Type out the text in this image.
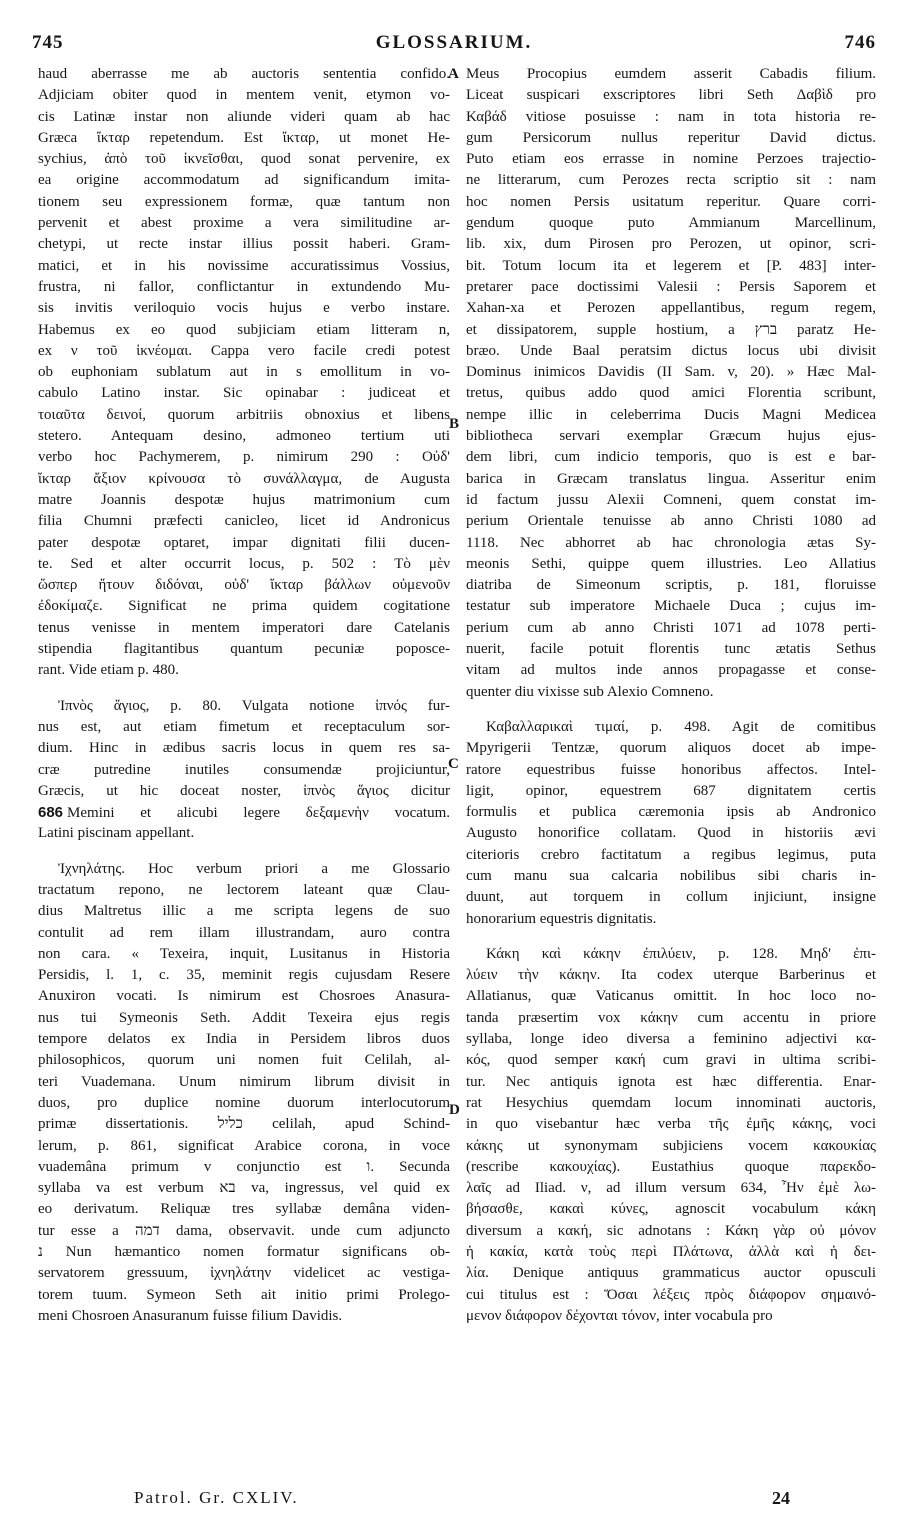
745	GLOSSARIUM.	746
haud aberrasse me ab auctoris sententia confido.
Adjiciam obiter quod in mentem venit, etymon vo-
cis Latinæ instar non aliunde videri quam ab hac
Græca ἴκταρ repetendum. Est ἴκταρ, ut monet He-
sychius, ἀπὸ τοῦ ἱκνεῖσθαι, quod sonat pervenire, ex
ea origine accommodatum ad significandum imita-
tionem seu expressionem formæ, quæ tantum non
pervenit et abest proxime a vera similitudine ar-
chetypi, ut recte instar illius possit haberi. Gram-
matici, et in his novissime accuratissimus Vossius,
frustra, ni fallor, conflictantur in extundendo Mu-
sis invitis veriloquio vocis hujus e verbo instare.
Habemus ex eo quod subjiciam etiam litteram n,
ex ν τοῦ ἱκνέομαι. Cappa vero facile credi potest
ob euphoniam sublatum aut in s emollitum in vo-
cabulo Latino instar. Sic opinabar : judiceat et
τοιαῦτα δεινοί, quorum arbitriis obnoxius et libens
stetero. Antequam desino, admoneo tertium uti
verbo hoc Pachymerem, p. nimirum 290 : Οὐδ'
ἴκταρ ἄξιον κρίνουσα τὸ συνάλλαγμα, de Augusta
matre Joannis despotæ hujus matrimonium cum
filia Chumni præfecti canicleo, licet id Andronicus
pater despotæ optaret, impar dignitati filii ducen-
te. Sed et alter occurrit locus, p. 502 : Τὸ μὲν
ὥσπερ ἤτουν διδόναι, οὐδ' ἴκταρ βάλλων οὐμενοῦν
ἐδοκίμαζε. Significat ne prima quidem cogitatione
tenus venisse in mentem imperatori dare Catelanis
stipendia flagitantibus quantum pecuniæ poposce-
rant. Vide etiam p. 480.
Ἰπνὸς ἅγιος, p. 80. Vulgata notione ἰπνός fur-
nus est, aut etiam fimetum et receptaculum sor-
dium. Hinc in ædibus sacris locus in quem res sa-
cræ putredine inutiles consumendæ projiciuntur,
Græcis, ut hic doceat noster, ἰπνὸς ἅγιος dicitur
686 Memini et alicubi legere δεξαμενὴν vocatum.
Latini piscinam appellant.
Ἰχνηλάτης. Hoc verbum priori a me Glossario
tractatum repono, ne lectorem lateant quæ Clau-
dius Maltretus illic a me scripta legens de suo
contulit ad rem illam illustrandam, auro contra
non cara. « Texeira, inquit, Lusitanus in Historia
Persidis, l. 1, c. 35, meminit regis cujusdam Resere
Anuxiron vocati. Is nimirum est Chosroes Anasura-
nus tui Symeonis Seth. Addit Texeira ejus regis
tempore delatos ex India in Persidem libros duos
philosophicos, quorum uni nomen fuit Celilah, al-
teri Vuademana. Unum nimirum librum divisit in
duos, pro duplice nomine duorum interlocutorum
primæ dissertationis. כליל celilah, apud Schind-
lerum, p. 861, significat Arabice corona, in voce
vuademâna primum v conjunctio est ו. Secunda
syllaba va est verbum בא va, ingressus, vel quid ex
eo derivatum. Reliquæ tres syllabæ demâna viden-
tur esse a דמה dama, observavit. unde cum adjuncto
נ Nun hæmantico nomen formatur significans ob-
servatorem gressuum, ἰχνηλάτην videlicet ac vestiga-
torem tuum. Symeon Seth ait initio primi Prolego-
meni Chosroen Anasuranum fuisse filium Davidis.
Meus Procopius eumdem asserit Cabadis filium.
Liceat suspicari exscriptores libri Seth Δαβὶδ pro
Καβάδ vitiose posuisse : nam in tota historia re-
gum Persicorum nullus reperitur David dictus.
Puto etiam eos errasse in nomine Perzoes trajectio-
ne litterarum, cum Perozes recta scriptio sit : nam
hoc nomen Persis usitatum reperitur. Quare corri-
gendum quoque puto Ammianum Marcellinum,
lib. xix, dum Pirosen pro Perozen, ut opinor, scri-
bit. Totum locum ita et legerem et [P. 483] inter-
pretarer pace doctissimi Valesii : Persis Saporem et
Xahan-xa et Perozen appellantibus, regum regem,
et dissipatorem, supple hostium, a ברץ paratz He-
bræo. Unde Baal peratsim dictus locus ubi divisit
Dominus inimicos Davidis (II Sam. v, 20). » Hæc Mal-
tretus, quibus addo quod amici Florentia scribunt,
nempe illic in celeberrima Ducis Magni Medicea
bibliotheca servari exemplar Græcum hujus ejus-
dem libri, cum indicio temporis, quo is est e bar-
barica in Græcam translatus lingua. Asseritur enim
id factum jussu Alexii Comneni, quem constat im-
perium Orientale tenuisse ab anno Christi 1080 ad
1118. Nec abhorret ab hac chronologia ætas Sy-
meonis Sethi, quippe quem illustries. Leo Allatius
diatriba de Simeonum scriptis, p. 181, floruisse
testatur sub imperatore Michaele Duca ; cujus im-
perium cum ab anno Christi 1071 ad 1078 perti-
nuerit, facile potuit florentis tunc ætatis Sethus
vitam ad multos inde annos propagasse et conse-
quenter diu vixisse sub Alexio Comneno.
Καβαλλαρικαὶ τιμαί, p. 498. Agit de comitibus
Mpyrigerii Tentzæ, quorum aliquos docet ab impe-
ratore equestribus fuisse honoribus affectos. Intel-
ligit, opinor, equestrem 687 dignitatem certis
formulis et publica cæremonia ipsis ab Andronico
Augusto honorifice collatam. Quod in historiis ævi
citerioris crebro factitatum a regibus legimus, puta
cum manu sua calcaria nobilibus sibi charis in-
duunt, aut torquem in collum injiciunt, insigne
honorarium equestris dignitatis.
Κάκη καὶ κάκην ἐπιλύειν, p. 128. Μηδ' ἐπι-
λύειν τὴν κάκην. Ita codex uterque Barberinus et
Allatianus, quæ Vaticanus omittit. In hoc loco no-
tanda præsertim vox κάκην cum accentu in priore
syllaba, longe ideo diversa a feminino adjectivi κα-
κός, quod semper κακή cum gravi in ultima scribi-
tur. Nec antiquis ignota est hæc differentia. Enar-
rat Hesychius quemdam locum innominati auctoris,
in quo visebantur hæc verba τῆς ἐμῆς κάκης, voci
κάκης ut synonymam subjiciens vocem κακουκίας
(rescribe κακουχίας). Eustathius quoque παρεκδο-
λαῖς ad Iliad. ν, ad illum versum 634, Ἦν ἐμὲ λω-
βήσασθε, κακαὶ κύνες, agnoscit vocabulum κάκη
diversum a κακή, sic adnotans : Κάκη γὰρ οὐ μόνον
ἡ κακία, κατὰ τοὺς περὶ Πλάτωνα, ἀλλὰ καὶ ἡ δει-
λία. Denique antiquus grammaticus auctor opusculi
cui titulus est : Ὅσαι λέξεις πρὸς διάφορον σημαινό-
μενον διάφορον δέχονται τόνον, inter vocabula pro
A
B
C
D
Patrol. Gr. CXLIV.	24
